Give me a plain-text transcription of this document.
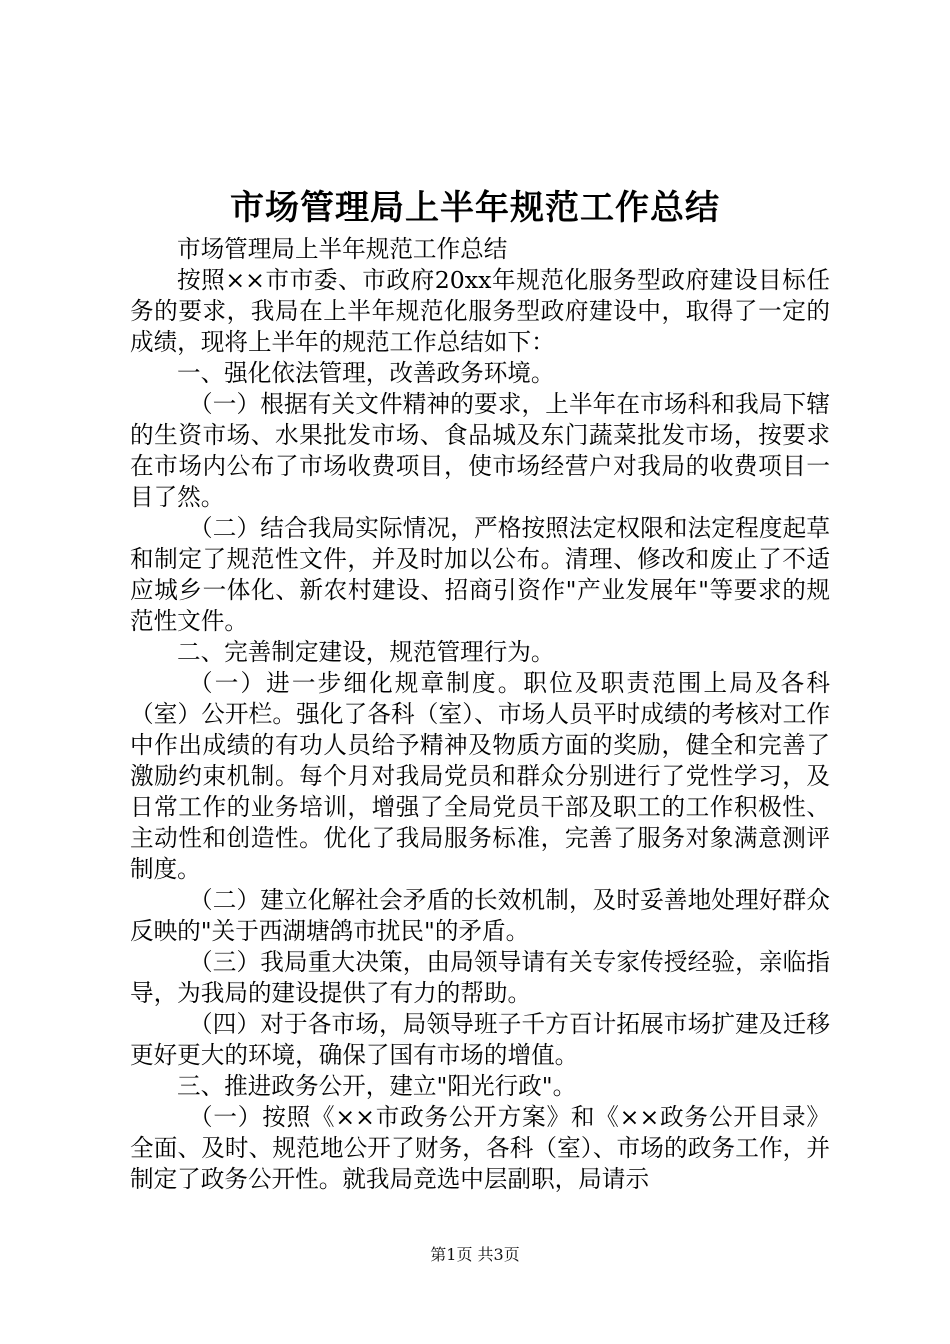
市场管理局上半年规范工作总结

市场管理局上半年规范工作总结

按照××市市委、市政府20xx年规范化服务型政府建设目标任务的要求，我局在上半年规范化服务型政府建设中，取得了一定的成绩，现将上半年的规范工作总结如下：

一、强化依法管理，改善政务环境。

（一）根据有关文件精神的要求，上半年在市场科和我局下辖的生资市场、水果批发市场、食品城及东门蔬菜批发市场，按要求在市场内公布了市场收费项目，使市场经营户对我局的收费项目一目了然。

（二）结合我局实际情况，严格按照法定权限和法定程度起草和制定了规范性文件，并及时加以公布。清理、修改和废止了不适应城乡一体化、新农村建设、招商引资作"产业发展年"等要求的规范性文件。

二、完善制定建设，规范管理行为。

（一）进一步细化规章制度。职位及职责范围上局及各科（室）公开栏。强化了各科（室）、市场人员平时成绩的考核对工作中作出成绩的有功人员给予精神及物质方面的奖励，健全和完善了激励约束机制。每个月对我局党员和群众分别进行了党性学习，及日常工作的业务培训，增强了全局党员干部及职工的工作积极性、主动性和创造性。优化了我局服务标准，完善了服务对象满意测评制度。

（二）建立化解社会矛盾的长效机制，及时妥善地处理好群众反映的"关于西湖塘鸽市扰民"的矛盾。

（三）我局重大决策，由局领导请有关专家传授经验，亲临指导，为我局的建设提供了有力的帮助。

（四）对于各市场，局领导班子千方百计拓展市场扩建及迁移更好更大的环境，确保了国有市场的增值。

三、推进政务公开，建立"阳光行政"。

（一）按照《××市政务公开方案》和《××政务公开目录》全面、及时、规范地公开了财务，各科（室）、市场的政务工作，并制定了政务公开性。就我局竞选中层副职，局请示

第1页 共3页
